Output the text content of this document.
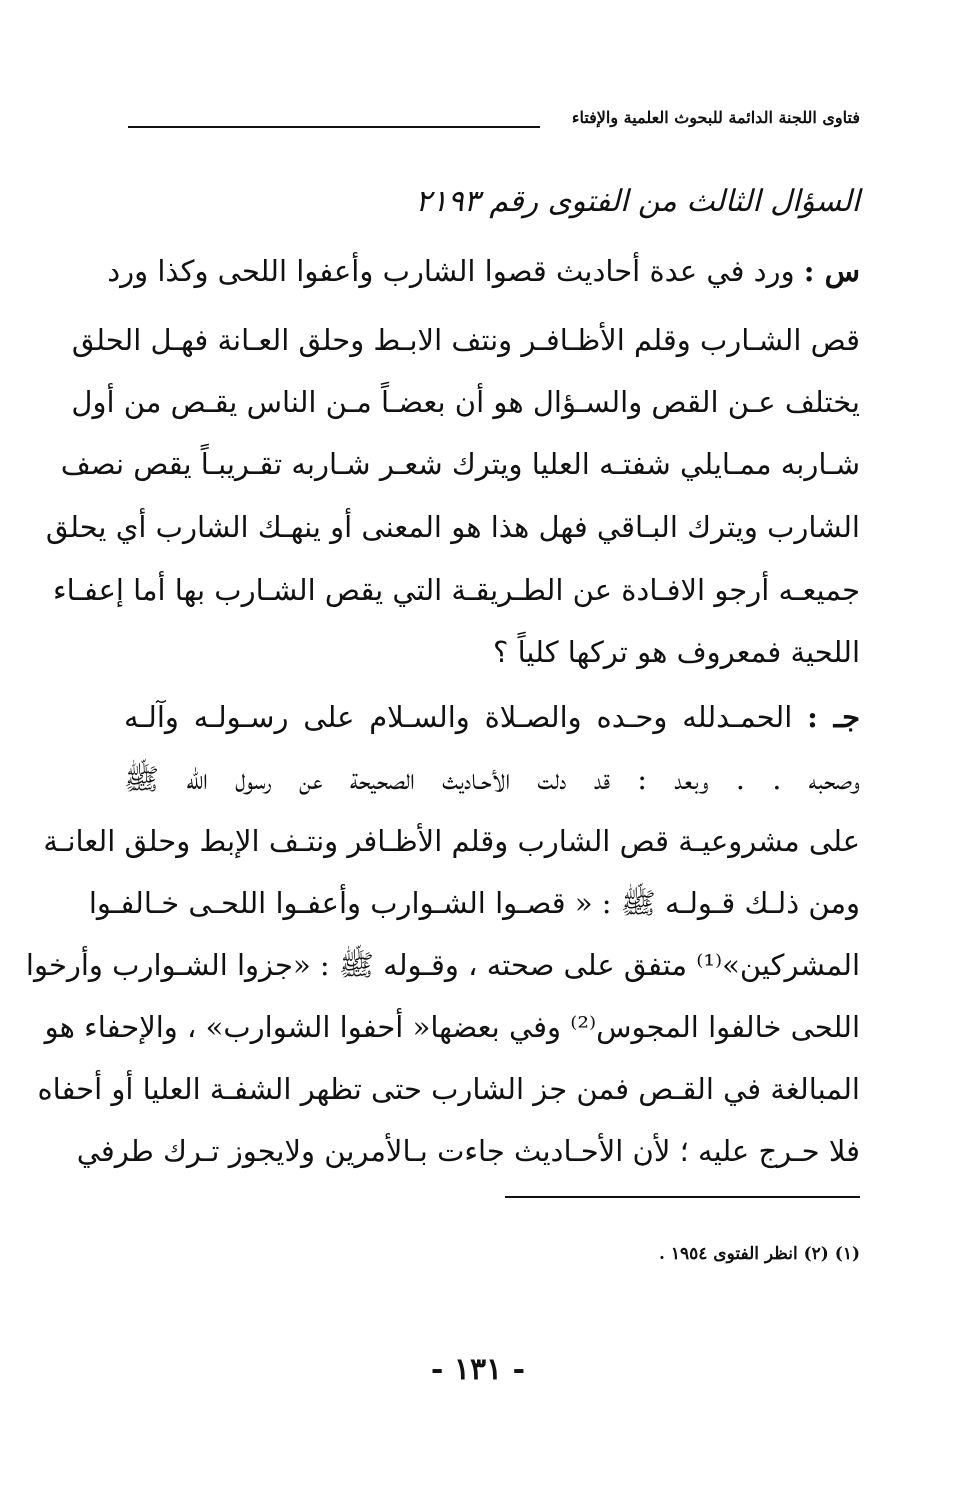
فتاوى اللجنة الدائمة للبحوث العلمية والإفتاء
السؤال الثالث من الفتوى رقم ٢١٩٣
س : ورد في عدة أحاديث قصوا الشارب وأعفوا اللحى وكذا ورد
قص الشـارب وقلم الأظـافـر ونتف الابـط وحلق العـانة فهـل الحلق
يختلف عـن القص والسـؤال هو أن بعضـاً مـن الناس يقـص من أول
شـاربه ممـايلي شفتـه العليا ويترك شعـر شـاربه تقـريبـاً يقص نصف
الشارب ويترك البـاقي فهل هذا هو المعنى أو ينهـك الشارب أي يحلق
جميعـه أرجو الافـادة عن الطـريقـة التي يقص الشـارب بها أما إعفـاء
اللحية فمعروف هو تركها كلياً ؟
جـ : الحمـدلله وحـده والصـلاة والسـلام على رسـولـه وآلـه
وصحبه . . وبعد : قد دلت الأحـاديث الصحيحة عن رسول الله ﷺ
على مشروعيـة قص الشارب وقلم الأظـافر ونتـف الإبط وحلق العانـة
ومن ذلـك قـولـه ﷺ : « قصـوا الشـوارب وأعفـوا اللحـى خـالفـوا
المشركين»⁽¹⁾ متفق على صحته ، وقـوله ﷺ : «جزوا الشـوارب وأرخوا
اللحى خالفوا المجوس⁽²⁾ وفي بعضها« أحفوا الشوارب» ، والإحفاء هو
المبالغة في القـص فمن جز الشارب حتى تظهر الشفـة العليا أو أحفاه
فلا حـرج عليه ؛ لأن الأحـاديث جاءت بـالأمرين ولايجوز تـرك طرفي
(١) (٢) انظر الفتوى ١٩٥٤ .
- ١٣١ -
